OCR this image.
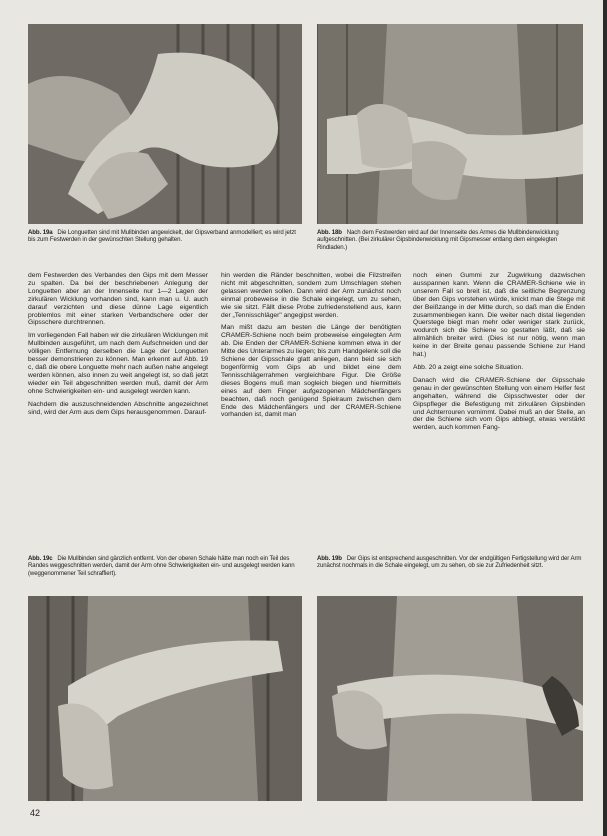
Abb. 19a Die Longuetten sind mit Mullbinden angewickelt, der Gipsverband anmodelliert; es wird jetzt bis zum Festwerden in der gewünschten Stellung gehalten.
Abb. 18b Nach dem Festwerden wird auf der Innenseite des Armes die Mullbindenwicklung aufgeschnitten. (Bei zirkulärer Gipsbindenwicklung mit Gipsmesser entlang dem eingelegten Rindladen.)

dem Festwerden des Verbandes den Gips mit dem Messer zu spalten. Da bei der beschriebenen Anlegung der Longuetten aber an der Innenseite nur 1—2 Lagen der zirkulären Wicklung vorhanden sind, kann man u. U. auch darauf verzichten und diese dünne Lage eigentlich problemlos mit einer starken Verbandschere oder der Gipsschere durchtrennen.

Im vorliegenden Fall haben wir die zirkulären Wicklungen mit Mullbinden ausgeführt, um nach dem Aufschneiden und der völligen Entfernung derselben die Lage der Longuetten besser demonstrieren zu können. Man erkennt auf Abb. 19 c, daß die obere Longuette mehr nach außen nahe angelegt werden können, also innen zu weit angelegt ist, so daß jetzt wieder ein Teil abgeschnitten werden muß, damit der Arm ohne Schwierigkeiten ein- und ausgelegt werden kann.

Nachdem die auszuschneidenden Abschnitte angezeichnet sind, wird der Arm aus dem Gips herausgenommen. Darauf-

hin werden die Ränder beschnitten, wobei die Filzstreifen nicht mit abgeschnitten, sondern zum Umschlagen stehen gelassen werden sollen. Dann wird der Arm zunächst noch einmal probeweise in die Schale eingelegt, um zu sehen, wie sie sitzt. Fällt diese Probe zufriedenstellend aus, kann der „Tennisschläger" angegipst werden.

Man mißt dazu am besten die Länge der benötigten CRAMER-Schiene noch beim probeweise eingelegten Arm ab. Die Enden der CRAMER-Schiene kommen etwa in der Mitte des Unterarmes zu liegen; bis zum Handgelenk soll die Schiene der Gipsschale glatt anliegen, dann beid sie sich bogenförmig vom Gips ab und bildet eine dem Tennisschlägerrahmen vergleichbare Figur. Die Größe dieses Bogens muß man sogleich biegen und hiermittels eines auf dem Finger aufgezogenen Mädchenfängers beachten, daß noch genügend Spielraum zwischen dem Ende des Mädchenfängers und der CRAMER-Schiene vorhanden ist, damit man

noch einen Gummi zur Zugwirkung dazwischen ausspannen kann. Wenn die CRAMER-Schiene wie in unserem Fall so breit ist, daß die seitliche Begrenzung über den Gips vorstehen würde, knickt man die Stege mit der Beißzange in der Mitte durch, so daß man die Enden zusammenbiegen kann. Die weiter nach distal liegenden Querstege biegt man mehr oder weniger stark zurück, wodurch sich die Schiene so gestalten läßt, daß sie allmählich breiter wird. (Dies ist nur nötig, wenn man keine in der Breite genau passende Schiene zur Hand hat.)

Abb. 20 a zeigt eine solche Situation.

Danach wird die CRAMER-Schiene der Gipsschale genau in der gewünschten Stellung von einem Helfer fest angehalten, während die Gipsschwester oder der Gipspfleger die Befestigung mit zirkulären Gipsbinden und Achterrouren vornimmt. Dabei muß an der Stelle, an der die Schiene sich vom Gips abbiegt, etwas verstärkt werden, auch kommen Fang-

Abb. 19c Die Mullbinden sind gänzlich entfernt. Von der oberen Schale hätte man noch ein Teil des Randes weggeschnitten werden, damit der Arm ohne Schwierigkeiten ein- und ausgelegt werden kann (weggenommener Teil schraffiert).
Abb. 19b Der Gips ist entsprechend ausgeschnitten. Vor der endgültigen Fertigstellung wird der Arm zunächst nochmals in die Schale eingelegt, um zu sehen, ob sie zur Zufriedenheit sitzt.
42
